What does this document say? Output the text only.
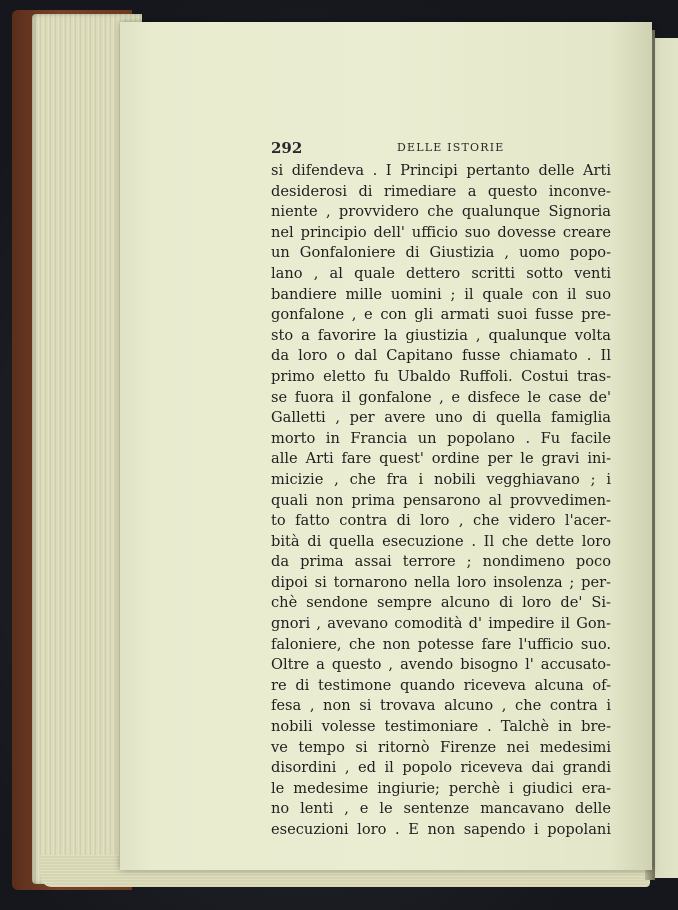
292	DELLE ISTORIE
si difendeva . I Principi pertanto delle Arti
desiderosi di rimediare a questo inconve-
niente , provvidero che qualunque Signoria
nel principio dell' ufficio suo dovesse creare
un Gonfaloniere di Giustizia , uomo popo-
lano , al quale dettero scritti sotto venti
bandiere mille uomini ; il quale con il suo
gonfalone , e con gli armati suoi fusse pre-
sto a favorire la giustizia , qualunque volta
da loro o dal Capitano fusse chiamato . Il
primo eletto fu Ubaldo Ruffoli. Costui tras-
se fuora il gonfalone , e disfece le case de'
Galletti , per avere uno di quella famiglia
morto in Francia un popolano . Fu facile
alle Arti fare quest' ordine per le gravi ini-
micizie , che fra i nobili vegghiavano ; i
quali non prima pensarono al provvedimen-
to fatto contra di loro , che videro l'acer-
bità di quella esecuzione . Il che dette loro
da prima assai terrore ; nondimeno poco
dipoi si tornarono nella loro insolenza ; per-
chè sendone sempre alcuno di loro de' Si-
gnori , avevano comodità d' impedire il Gon-
faloniere, che non potesse fare l'ufficio suo.
Oltre a questo , avendo bisogno l' accusato-
re di testimone quando riceveva alcuna of-
fesa , non si trovava alcuno , che contra i
nobili volesse testimoniare . Talchè in bre-
ve tempo si ritornò Firenze nei medesimi
disordini , ed il popolo riceveva dai grandi
le medesime ingiurie; perchè i giudici era-
no lenti , e le sentenze mancavano delle
esecuzioni loro . E non sapendo i popolani
